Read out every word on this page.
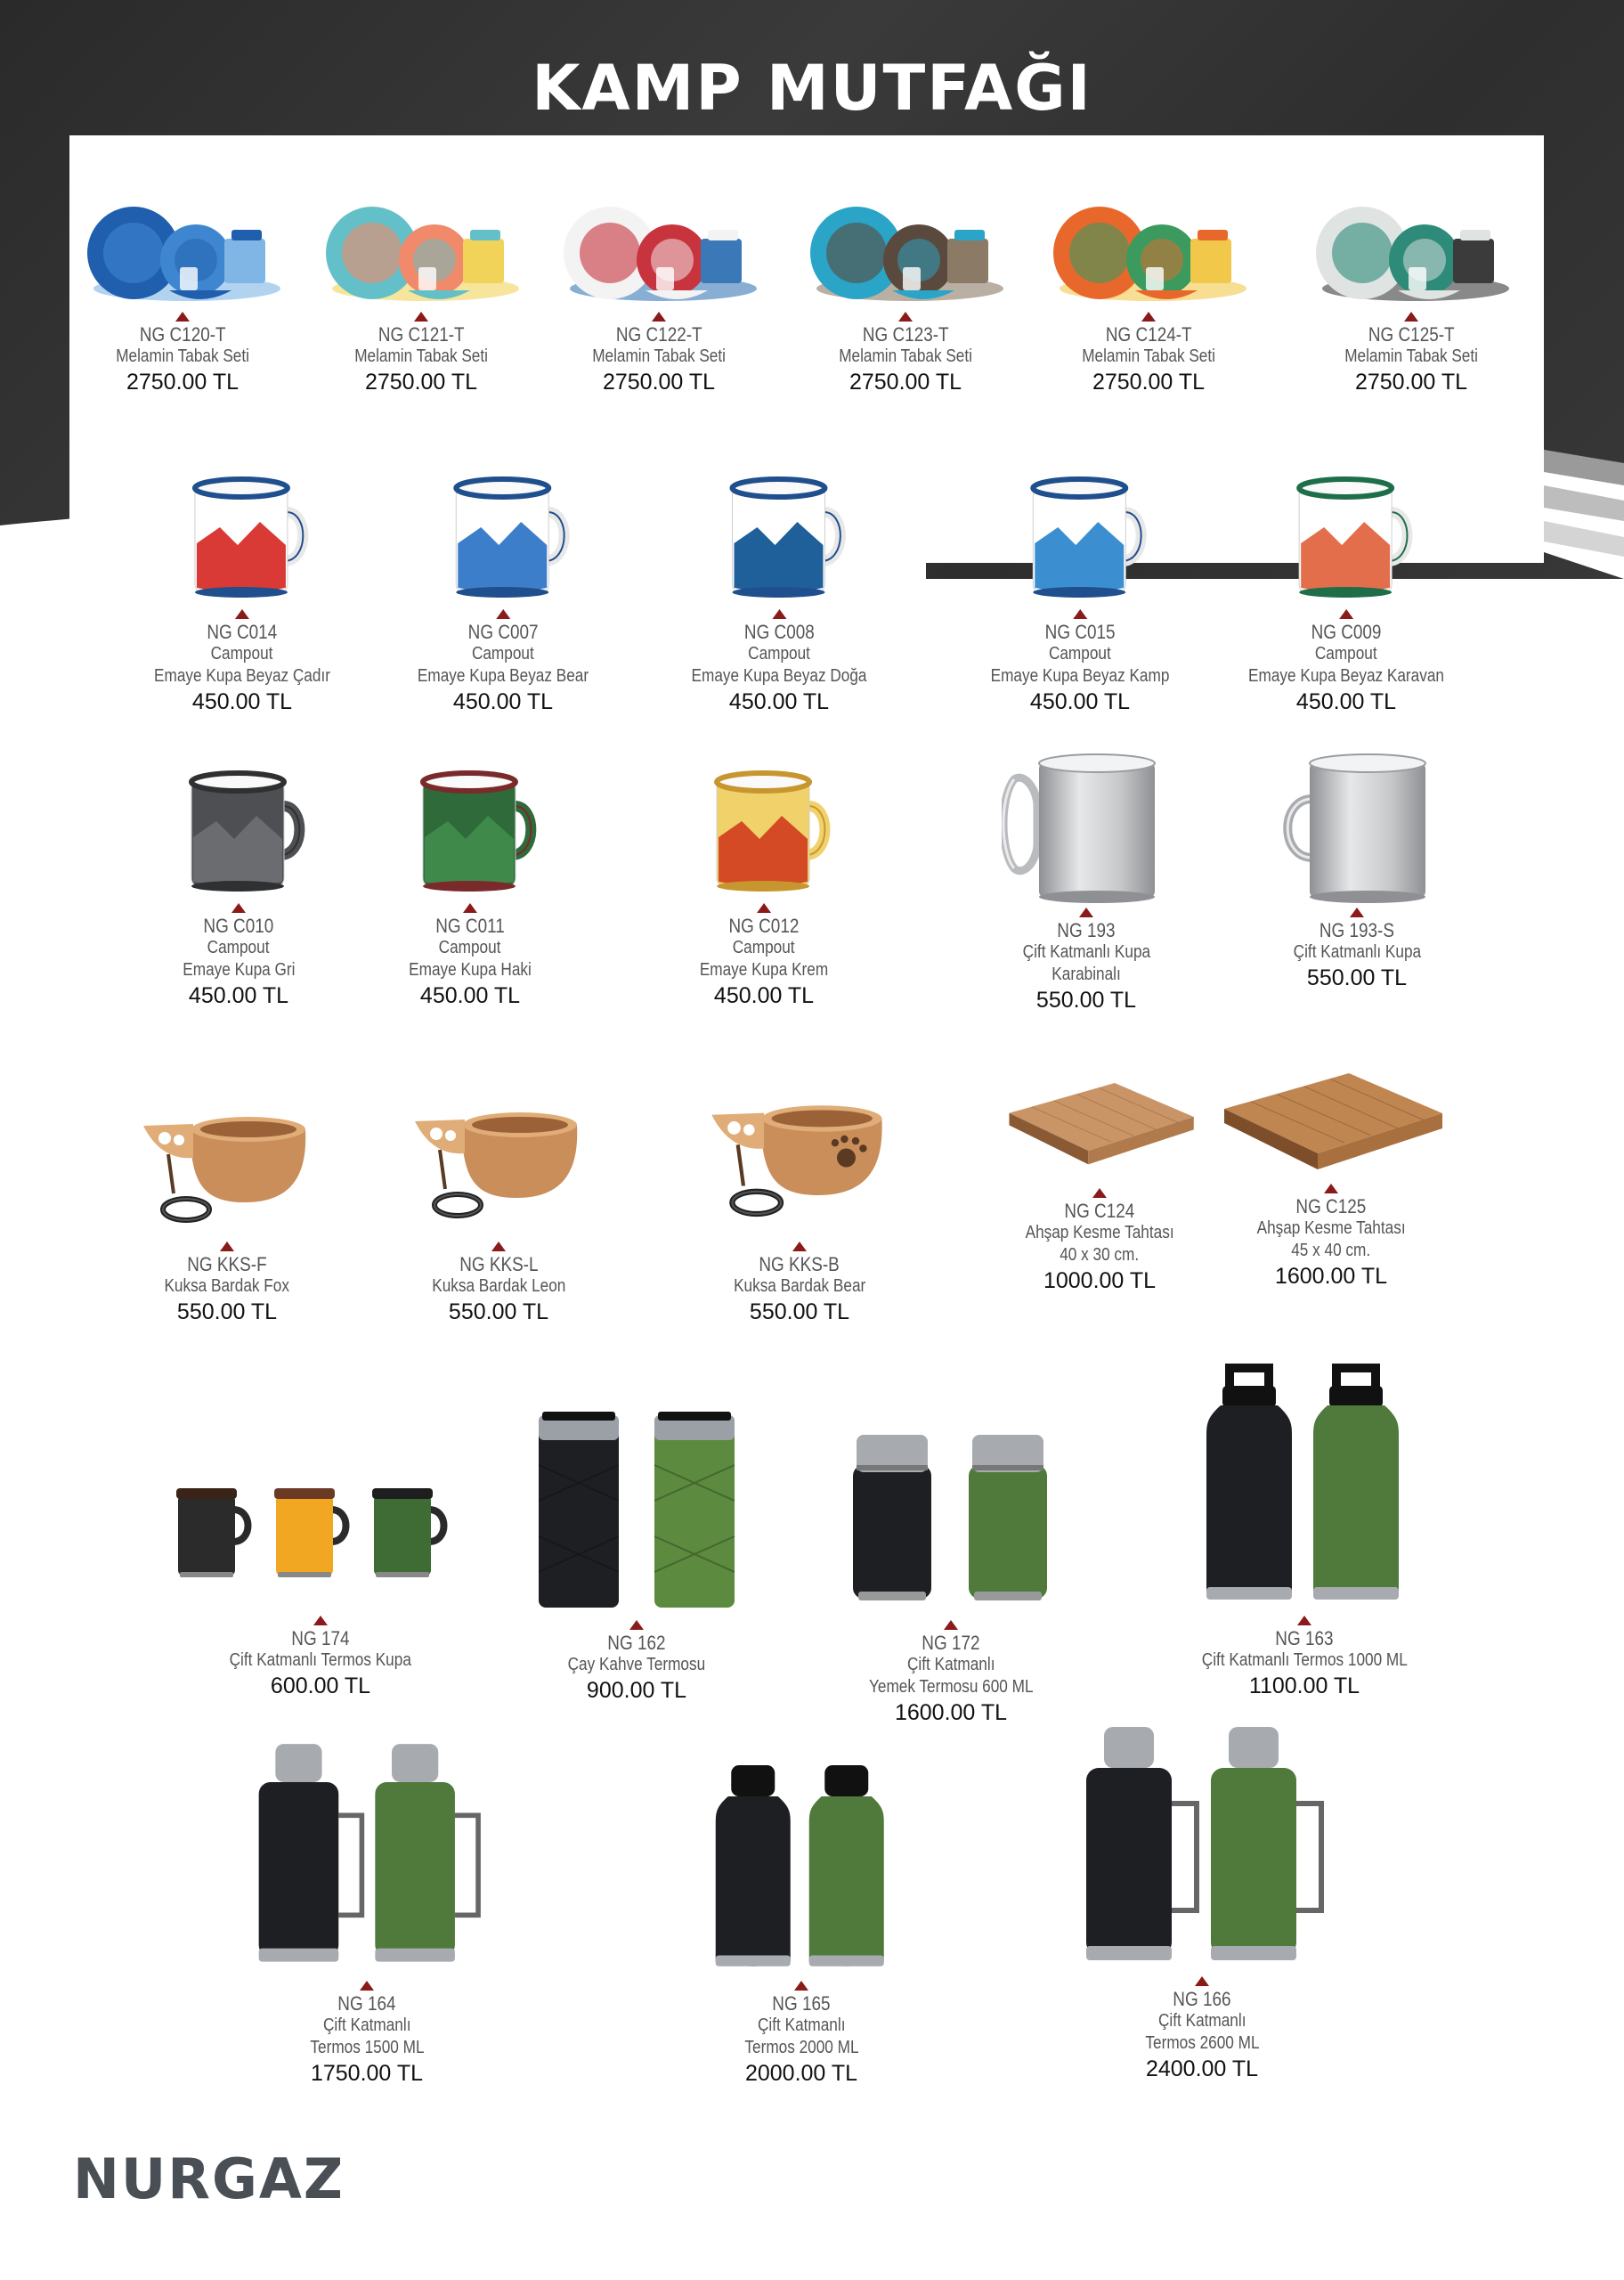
KAMP MUTFAĞI
NG C120-T
Melamin Tabak Seti
2750.00 TL
NG C121-T
Melamin Tabak Seti
2750.00 TL
NG C122-T
Melamin Tabak Seti
2750.00 TL
NG C123-T
Melamin Tabak Seti
2750.00 TL
NG C124-T
Melamin Tabak Seti
2750.00 TL
NG C125-T
Melamin Tabak Seti
2750.00 TL
NG C014
Campout
Emaye Kupa Beyaz Çadır
450.00 TL
NG C007
Campout
Emaye Kupa Beyaz Bear
450.00 TL
NG C008
Campout
Emaye Kupa Beyaz Doğa
450.00 TL
NG C015
Campout
Emaye Kupa Beyaz Kamp
450.00 TL
NG C009
Campout
Emaye Kupa Beyaz Karavan
450.00 TL
NG C010
Campout
Emaye Kupa Gri
450.00 TL
NG C011
Campout
Emaye Kupa Haki
450.00 TL
NG C012
Campout
Emaye Kupa Krem
450.00 TL
NG 193
Çift Katmanlı Kupa
Karabinalı
550.00 TL
NG 193-S
Çift Katmanlı Kupa
550.00 TL
NG KKS-F
Kuksa Bardak Fox
550.00 TL
NG KKS-L
Kuksa Bardak Leon
550.00 TL
NG KKS-B
Kuksa Bardak Bear
550.00 TL
NG C124
Ahşap Kesme Tahtası
40 x 30 cm.
1000.00 TL
NG C125
Ahşap Kesme Tahtası
45 x 40 cm.
1600.00 TL
NG 174
Çift Katmanlı Termos Kupa
600.00 TL
NG 162
Çay Kahve Termosu
900.00 TL
NG 172
Çift Katmanlı
Yemek Termosu 600 ML
1600.00 TL
NG 163
Çift Katmanlı Termos 1000 ML
1100.00 TL
NG 164
Çift Katmanlı
Termos 1500 ML
1750.00 TL
NG 165
Çift Katmanlı
Termos 2000 ML
2000.00 TL
NG 166
Çift Katmanlı
Termos 2600 ML
2400.00 TL
NURGAZ
